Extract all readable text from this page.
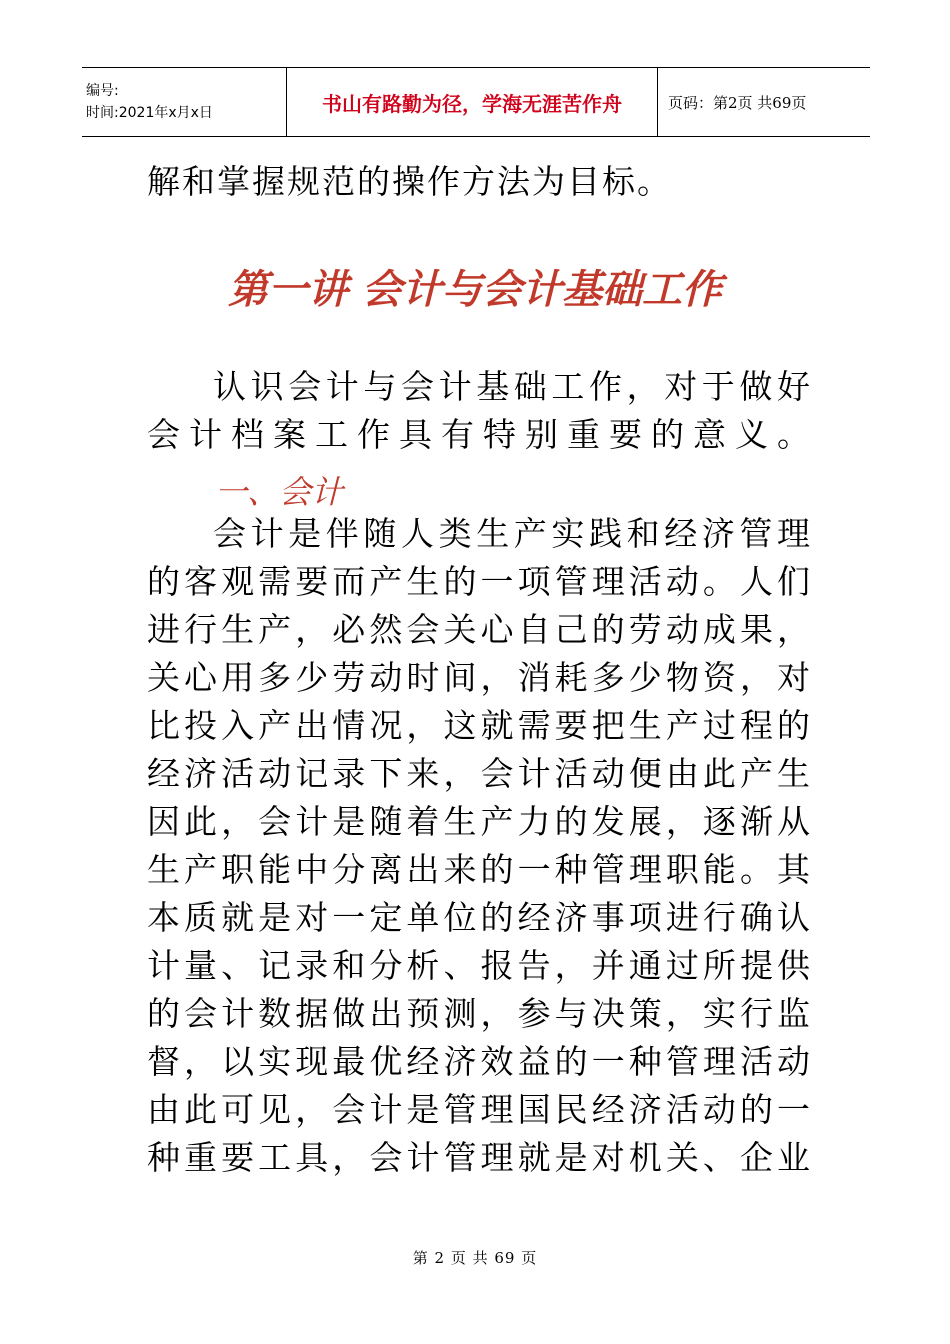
编号:
时间:2021年x月x日	书山有路勤为径，学海无涯苦作舟	页码：第2页 共69页
解和掌握规范的操作方法为目标。
第一讲 会计与会计基础工作
认识会计与会计基础工作，对于做好
会计档案工作具有特别重要的意义。
一、会计
会计是伴随人类生产实践和经济管理
的客观需要而产生的一项管理活动。人们
进行生产，必然会关心自己的劳动成果，
关心用多少劳动时间，消耗多少物资，对
比投入产出情况，这就需要把生产过程的
经济活动记录下来，会计活动便由此产生
因此，会计是随着生产力的发展，逐渐从
生产职能中分离出来的一种管理职能。其
本质就是对一定单位的经济事项进行确认
计量、记录和分析、报告，并通过所提供
的会计数据做出预测，参与决策，实行监
督，以实现最优经济效益的一种管理活动
由此可见，会计是管理国民经济活动的一
种重要工具，会计管理就是对机关、企业
第 2 页 共 69 页
